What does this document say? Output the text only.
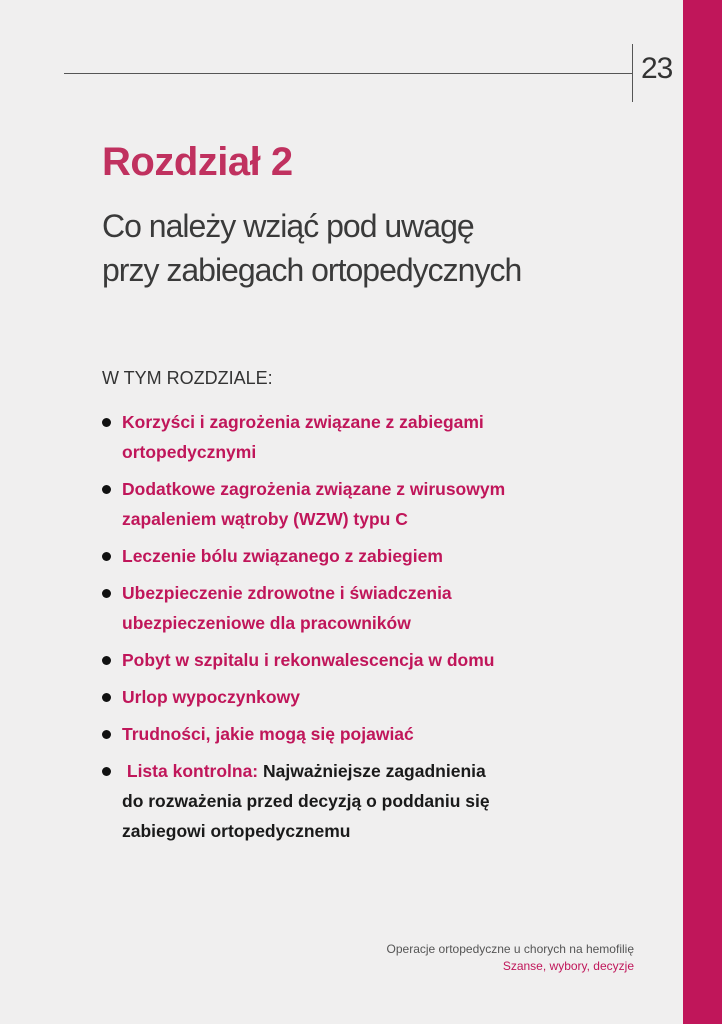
23
Rozdział 2
Co należy wziąć pod uwagę
przy zabiegach ortopedycznych
W TYM ROZDZIALE:
Korzyści i zagrożenia związane z zabiegami
ortopedycznymi
Dodatkowe zagrożenia związane z wirusowym
zapaleniem wątroby (WZW) typu C
Leczenie bólu związanego z zabiegiem
Ubezpieczenie zdrowotne i świadczenia
ubezpieczeniowe dla pracowników
Pobyt w szpitalu i rekonwalescencja w domu
Urlop wypoczynkowy
Trudności, jakie mogą się pojawiać
Lista kontrolna: Najważniejsze zagadnienia
do rozważenia przed decyzją o poddaniu się
zabiegowi ortopedycznemu
Operacje ortopedyczne u chorych na hemofilię
Szanse, wybory, decyzje
